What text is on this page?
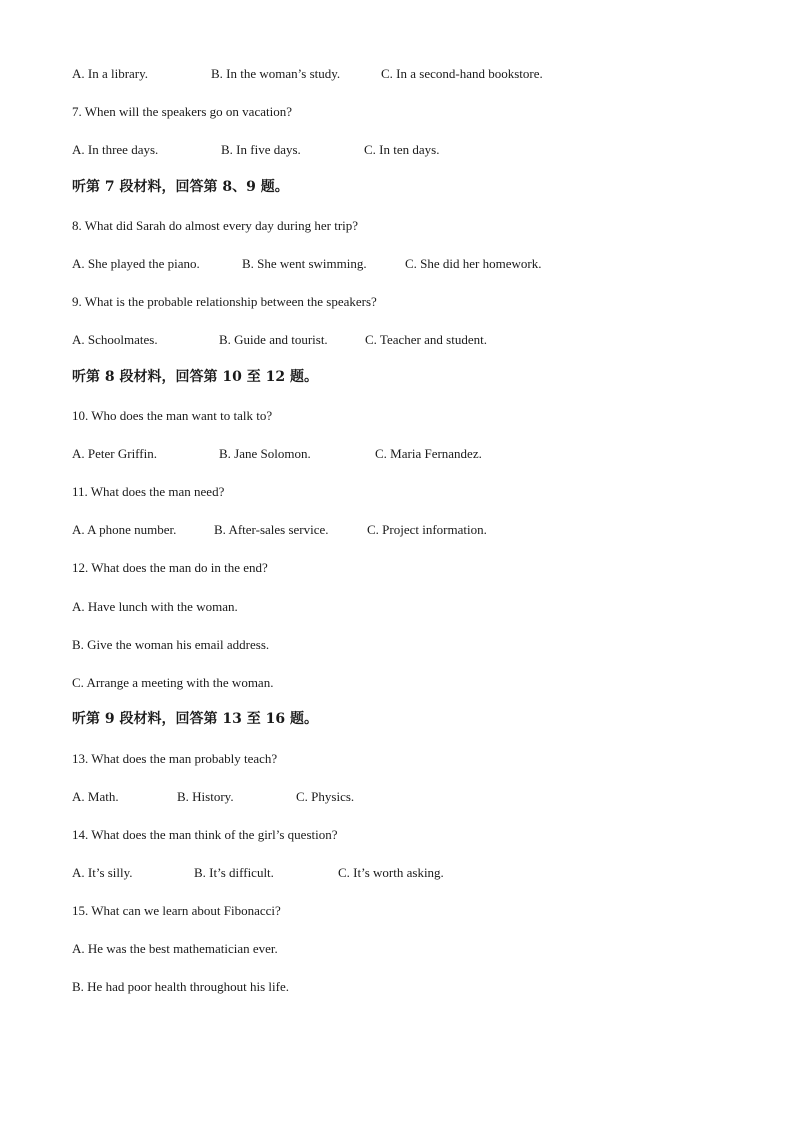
A. In a library.	B. In the woman’s study.	C. In a second-hand bookstore.
7. When will the speakers go on vacation?
A. In three days.	B. In five days.	C. In ten days.
听第 7 段材料，回答第 8、9 题。
8. What did Sarah do almost every day during her trip?
A. She played the piano.	B. She went swimming.	C. She did her homework.
9. What is the probable relationship between the speakers?
A. Schoolmates.	B. Guide and tourist.	C. Teacher and student.
听第 8 段材料，回答第 10 至 12 题。
10. Who does the man want to talk to?
A. Peter Griffin.	B. Jane Solomon.	C. Maria Fernandez.
11. What does the man need?
A. A phone number.	B. After-sales service.	C. Project information.
12. What does the man do in the end?
A. Have lunch with the woman.
B. Give the woman his email address.
C. Arrange a meeting with the woman.
听第 9 段材料，回答第 13 至 16 题。
13. What does the man probably teach?
A. Math.	B. History.	C. Physics.
14. What does the man think of the girl’s question?
A. It’s silly.	B. It’s difficult.	C. It’s worth asking.
15. What can we learn about Fibonacci?
A. He was the best mathematician ever.
B. He had poor health throughout his life.
